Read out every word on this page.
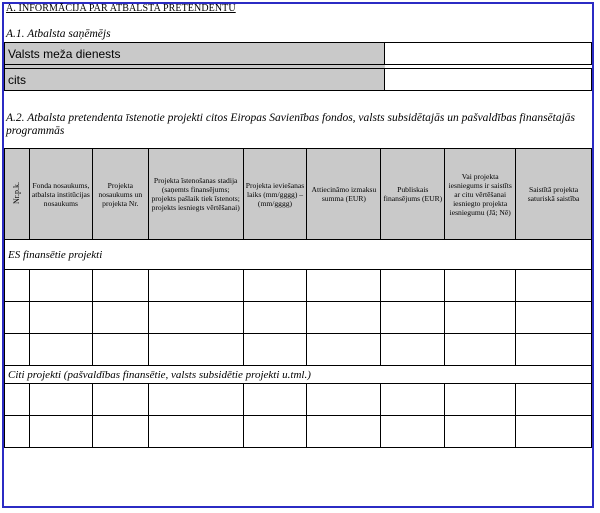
A. INFORMĀCIJA PAR ATBALSTA PRETENDENTU
A.1. Atbalsta saņēmējs
Valsts meža dienests	

cits	
A.2. Atbalsta pretendenta īstenotie projekti citos Eiropas Savienības fondos, valsts subsidētajās un pašvaldības finansētajās programmās
Nr.p.k.	Fonda nosaukums, atbalsta institūcijas nosaukums	Projekta nosaukums un projekta Nr.	Projekta īstenošanas stadija (saņemts finansējums; projekts pašlaik tiek īstenots; projekts iesniegts vērtēšanai)	Projekta ieviešanas laiks (mm/gggg) – (mm/gggg)	Attiecināmo izmaksu summa (EUR)	Publiskais finansējums (EUR)	Vai projekta iesniegums ir saistīts ar citu vērtēšanai iesniegto projekta iesniegumu (Jā; Nē)	Saistītā projekta saturiskā saistība
ES finansētie projekti								

Citi projekti (pašvaldības finansētie, valsts subsidētie projekti u.tml.)								
